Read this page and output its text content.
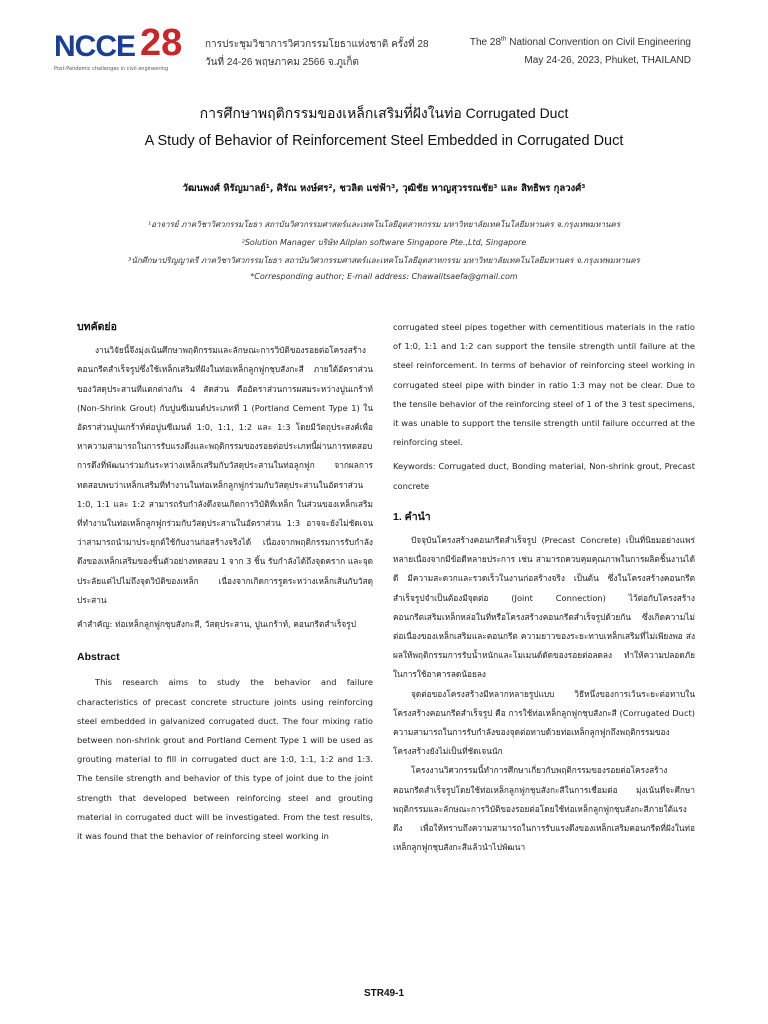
NCCE 28
Post-Pandemic challenges in civil engineering
การประชุมวิชาการวิศวกรรมโยธาแห่งชาติ ครั้งที่ 28
วันที่ 24-26 พฤษภาคม 2566 จ.ภูเก็ต
The 28th National Convention on Civil Engineering
May 24-26, 2023, Phuket, THAILAND
การศึกษาพฤติกรรมของเหล็กเสริมที่ฝังในท่อ Corrugated Duct
A Study of Behavior of Reinforcement Steel Embedded in Corrugated Duct
วัฒนพงศ์ หิรัญมาลย์¹, ศิรัณ หงษ์ศร², ชวลิต แซ่ฟ้า³, วุฒิชัย หาญสุวรรณชัย³ และ สิทธิพร กุลวงศ์³
¹อาจารย์ ภาควิชาวิศวกรรมโยธา สถาบันวิศวกรรมศาสตร์และเทคโนโลยีอุตสาหกรรม มหาวิทยาลัยเทคโนโลยีมหานคร จ.กรุงเทพมหานคร
²Solution Manager บริษัท Allplan software Singapore Pte.,Ltd, Singapore
³นักศึกษาปริญญาตรี ภาควิชาวิศวกรรมโยธา สถาบันวิศวกรรมศาสตร์และเทคโนโลยีอุตสาหกรรม มหาวิทยาลัยเทคโนโลยีมหานคร จ.กรุงเทพมหานคร
*Corresponding author; E-mail address: Chawalitsaefa@gmail.com
บทคัดย่อ

งานวิจัยนี้จึงมุ่งเน้นศึกษาพฤติกรรมและลักษณะการวิบัติของรอยต่อโครงสร้างคอนกรีตสำเร็จรูปซึ่งใช้เหล็กเสริมที่ฝังในท่อเหล็กลูกฟูกชุบสังกะสี ภายใต้อัตราส่วนของวัสดุประสานที่แตกต่างกัน 4 สัดส่วน คืออัตราส่วนการผสมระหว่างปูนเกร้าท์ (Non-Shrink Grout) กับปูนซีเมนต์ประเภทที่ 1 (Portland Cement Type 1) ในอัตราส่วนปูนเกร้าท์ต่อปูนซีเมนต์ 1:0, 1:1, 1:2 และ 1:3 โดยมีวัตถุประสงค์เพื่อหาความสามารถในการรับแรงดึงและพฤติกรรมของรอยต่อประเภทนี้ผ่านการทดสอบการดึงที่พัฒนาร่วมกันระหว่างเหล็กเสริมกับวัสดุประสานในท่อลูกฟูก จากผลการทดสอบพบว่าเหล็กเสริมที่ทำงานในท่อเหล็กลูกฟูกร่วมกับวัสดุประสานในอัตราส่วน 1:0, 1:1 และ 1:2 สามารถรับกำลังดึงจนเกิดการวิบัติที่เหล็ก ในส่วนของเหล็กเสริมที่ทำงานในท่อเหล็กลูกฟูกร่วมกับวัสดุประสานในอัตราส่วน 1:3 อาจจะยังไม่ชัดเจนว่าสามารถนำมาประยุกต์ใช้กับงานก่อสร้างจริงได้ เนื่องจากพฤติกรรมการรับกำลังดึงของเหล็กเสริมของชิ้นตัวอย่างทดสอบ 1 จาก 3 ชิ้น รับกำลังได้ถึงจุดคราก และจุดประลัยแต่ไปไม่ถึงจุดวิบัติของเหล็ก เนื่องจากเกิดการรูดระหว่างเหล็กเส้นกับวัสดุประสาน

คำสำคัญ: ท่อเหล็กลูกฟูกชุบสังกะสี, วัสดุประสาน, ปูนเกร้าท์, คอนกรีตสำเร็จรูป

Abstract

This research aims to study the behavior and failure characteristics of precast concrete structure joints using reinforcing steel embedded in galvanized corrugated duct. The four mixing ratio between non-shrink grout and Portland Cement Type 1 will be used as grouting material to fill in corrugated duct are 1:0, 1:1, 1:2 and 1:3. The tensile strength and behavior of this type of joint due to the joint strength that developed between reinforcing steel and grouting material in corrugated duct will be investigated. From the test results, it was found that the behavior of reinforcing steel working in

corrugated steel pipes together with cementitious materials in the ratio of 1:0, 1:1 and 1:2 can support the tensile strength until failure at the steel reinforcement. In terms of behavior of reinforcing steel working in corrugated steel pipe with binder in ratio 1:3 may not be clear. Due to the tensile behavior of the reinforcing steel of 1 of the 3 test specimens, it was unable to support the tensile strength until failure occurred at the reinforcing steel.

Keywords: Corrugated duct, Bonding material, Non-shrink grout, Precast concrete

1. คำนำ

ปัจจุบันโครงสร้างคอนกรีตสำเร็จรูป (Precast Concrete) เป็นที่นิยมอย่างแพร่หลายเนื่องจากมีข้อดีหลายประการ เช่น สามารถควบคุมคุณภาพในการผลิตชิ้นงานได้ดี มีความสะดวกและรวดเร็วในงานก่อสร้างจริง เป็นต้น ซึ่งในโครงสร้างคอนกรีตสำเร็จรูปจำเป็นต้องมีจุดต่อ (Joint Connection) ไว้ต่อกับโครงสร้างคอนกรีตเสริมเหล็กหล่อในที่หรือโครงสร้างคอนกรีตสำเร็จรูปด้วยกัน ซึ่งเกิดความไม่ต่อเนื่องของเหล็กเสริมและคอนกรีต ความยาวของระยะทาบเหล็กเสริมที่ไม่เพียงพอ ส่งผลให้พฤติกรรมการรับน้ำหนักและโมเมนต์ดัดของรอยต่อลดลง ทำให้ความปลอดภัยในการใช้อาคารลดน้อยลง

จุดต่อของโครงสร้างมีหลากหลายรูปแบบ วิธีหนึ่งของการเว้นระยะต่อทาบในโครงสร้างคอนกรีตสำเร็จรูป คือ การใช้ท่อเหล็กลูกฟูกชุบสังกะสี (Corrugated Duct) ความสามารถในการรับกำลังของจุดต่อทาบด้วยท่อเหล็กลูกฟูกถึงพฤติกรรมของโครงสร้างยังไม่เป็นที่ชัดเจนนัก

โครงงานวิศวกรรมนี้ทำการศึกษาเกี่ยวกับพฤติกรรมของรอยต่อโครงสร้างคอนกรีตสำเร็จรูปโดยใช้ท่อเหล็กลูกฟูกชุบสังกะสีในการเชื่อมต่อ มุ่งเน้นที่จะศึกษาพฤติกรรมและลักษณะการวิบัติของรอยต่อโดยใช้ท่อเหล็กลูกฟูกชุบสังกะสีภายใต้แรงดึง เพื่อให้ทราบถึงความสามารถในการรับแรงดึงของเหล็กเสริมคอนกรีตที่ฝังในท่อเหล็กลูกฟูกชุบสังกะสีแล้วนำไปพัฒนา

STR49-1
